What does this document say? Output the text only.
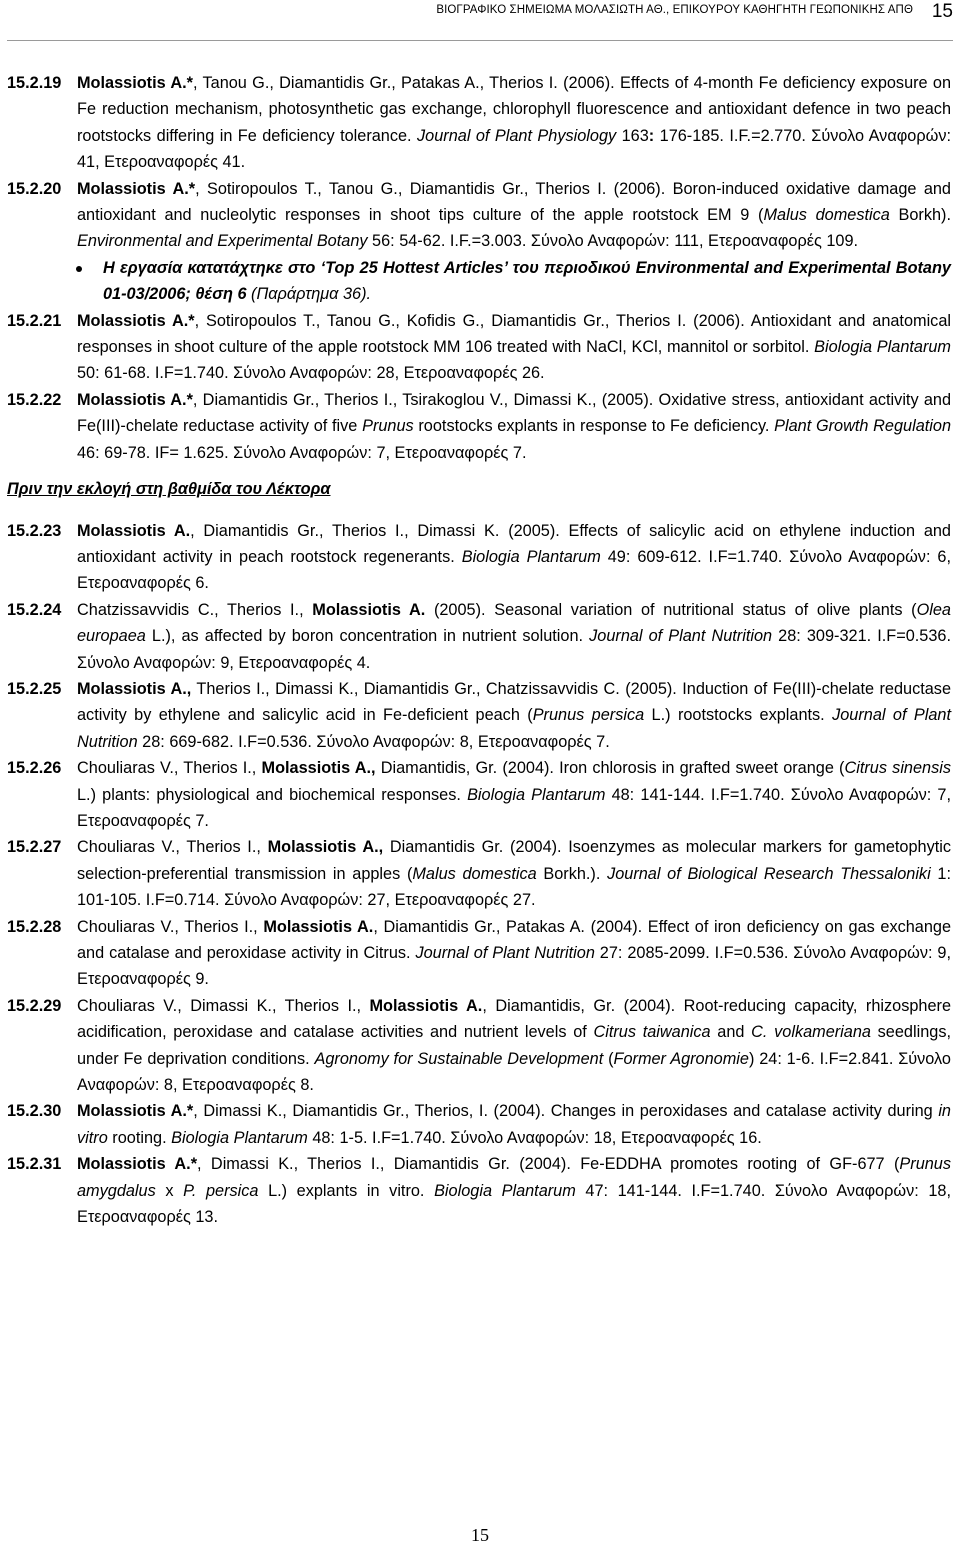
ΒΙΟΓΡΑΦΙΚΟ ΣΗΜΕΙΩΜΑ ΜΟΛΑΣΙΩΤΗ ΑΘ., ΕΠΙΚΟΥΡΟΥ ΚΑΘΗΓΗΤΗ ΓΕΩΠΟΝΙΚΗΣ ΑΠΘ 15
15.2.19 Molassiotis A.*, Tanou G., Diamantidis Gr., Patakas A., Therios I. (2006). Effects of 4-month Fe deficiency exposure on Fe reduction mechanism, photosynthetic gas exchange, chlorophyll fluorescence and antioxidant defence in two peach rootstocks differing in Fe deficiency tolerance. Journal of Plant Physiology 163: 176-185. I.F.=2.770. Σύνολο Αναφορών: 41, Ετεροαναφορές 41.
15.2.20 Molassiotis A.*, Sotiropoulos T., Tanou G., Diamantidis Gr., Therios I. (2006). Boron-induced oxidative damage and antioxidant and nucleolytic responses in shoot tips culture of the apple rootstock EM 9 (Malus domestica Borkh). Environmental and Experimental Botany 56: 54-62. I.F.=3.003. Σύνολο Αναφορών: 111, Ετεροαναφορές 109.
Η εργασία κατατάχτηκε στο ‘Top 25 Hottest Articles’ του περιοδικού Environmental and Experimental Botany 01-03/2006; θέση 6 (Παράρτημα 36).
15.2.21 Molassiotis A.*, Sotiropoulos T., Tanou G., Kofidis G., Diamantidis Gr., Therios I. (2006). Antioxidant and anatomical responses in shoot culture of the apple rootstock MM 106 treated with NaCl, KCl, mannitol or sorbitol. Biologia Plantarum 50: 61-68. I.F=1.740. Σύνολο Αναφορών: 28, Ετεροαναφορές 26.
15.2.22 Molassiotis A.*, Diamantidis Gr., Therios I., Tsirakoglou V., Dimassi K., (2005). Oxidative stress, antioxidant activity and Fe(III)-chelate reductase activity of five Prunus rootstocks explants in response to Fe deficiency. Plant Growth Regulation 46: 69-78. IF= 1.625. Σύνολο Αναφορών: 7, Ετεροαναφορές 7.
Πριν την εκλογή στη βαθμίδα του Λέκτορα
15.2.23 Molassiotis A., Diamantidis Gr., Therios I., Dimassi K. (2005). Effects of salicylic acid on ethylene induction and antioxidant activity in peach rootstock regenerants. Biologia Plantarum 49: 609-612. I.F=1.740. Σύνολο Αναφορών: 6, Ετεροαναφορές 6.
15.2.24 Chatzissavvidis C., Therios I., Molassiotis A. (2005). Seasonal variation of nutritional status of olive plants (Olea europaea L.), as affected by boron concentration in nutrient solution. Journal of Plant Nutrition 28: 309-321. I.F=0.536. Σύνολο Αναφορών: 9, Ετεροαναφορές 4.
15.2.25 Molassiotis A., Therios I., Dimassi K., Diamantidis Gr., Chatzissavvidis C. (2005). Induction of Fe(III)-chelate reductase activity by ethylene and salicylic acid in Fe-deficient peach (Prunus persica L.) rootstocks explants. Journal of Plant Nutrition 28: 669-682. I.F=0.536. Σύνολο Αναφορών: 8, Ετεροαναφορές 7.
15.2.26 Chouliaras V., Therios I., Molassiotis A., Diamantidis, Gr. (2004). Iron chlorosis in grafted sweet orange (Citrus sinensis L.) plants: physiological and biochemical responses. Biologia Plantarum 48: 141-144. I.F=1.740. Σύνολο Αναφορών: 7, Ετεροαναφορές 7.
15.2.27 Chouliaras V., Therios I., Molassiotis A., Diamantidis Gr. (2004). Isoenzymes as molecular markers for gametophytic selection-preferential transmission in apples (Malus domestica Borkh.). Journal of Biological Research Thessaloniki 1: 101-105. I.F=0.714. Σύνολο Αναφορών: 27, Ετεροαναφορές 27.
15.2.28 Chouliaras V., Therios I., Molassiotis A., Diamantidis Gr., Patakas A. (2004). Effect of iron deficiency on gas exchange and catalase and peroxidase activity in Citrus. Journal of Plant Nutrition 27: 2085-2099. I.F=0.536. Σύνολο Αναφορών: 9, Ετεροαναφορές 9.
15.2.29 Chouliaras V., Dimassi K., Therios I., Molassiotis A., Diamantidis, Gr. (2004). Root-reducing capacity, rhizosphere acidification, peroxidase and catalase activities and nutrient levels of Citrus taiwanica and C. volkameriana seedlings, under Fe deprivation conditions. Agronomy for Sustainable Development (Former Agronomie) 24: 1-6. I.F=2.841. Σύνολο Αναφορών: 8, Ετεροαναφορές 8.
15.2.30 Molassiotis A.*, Dimassi K., Diamantidis Gr., Therios, I. (2004). Changes in peroxidases and catalase activity during in vitro rooting. Biologia Plantarum 48: 1-5. I.F=1.740. Σύνολο Αναφορών: 18, Ετεροαναφορές 16.
15.2.31 Molassiotis A.*, Dimassi K., Therios I., Diamantidis Gr. (2004). Fe-EDDHA promotes rooting of GF-677 (Prunus amygdalus x P. persica L.) explants in vitro. Biologia Plantarum 47: 141-144. I.F=1.740. Σύνολο Αναφορών: 18, Ετεροαναφορές 13.
15
